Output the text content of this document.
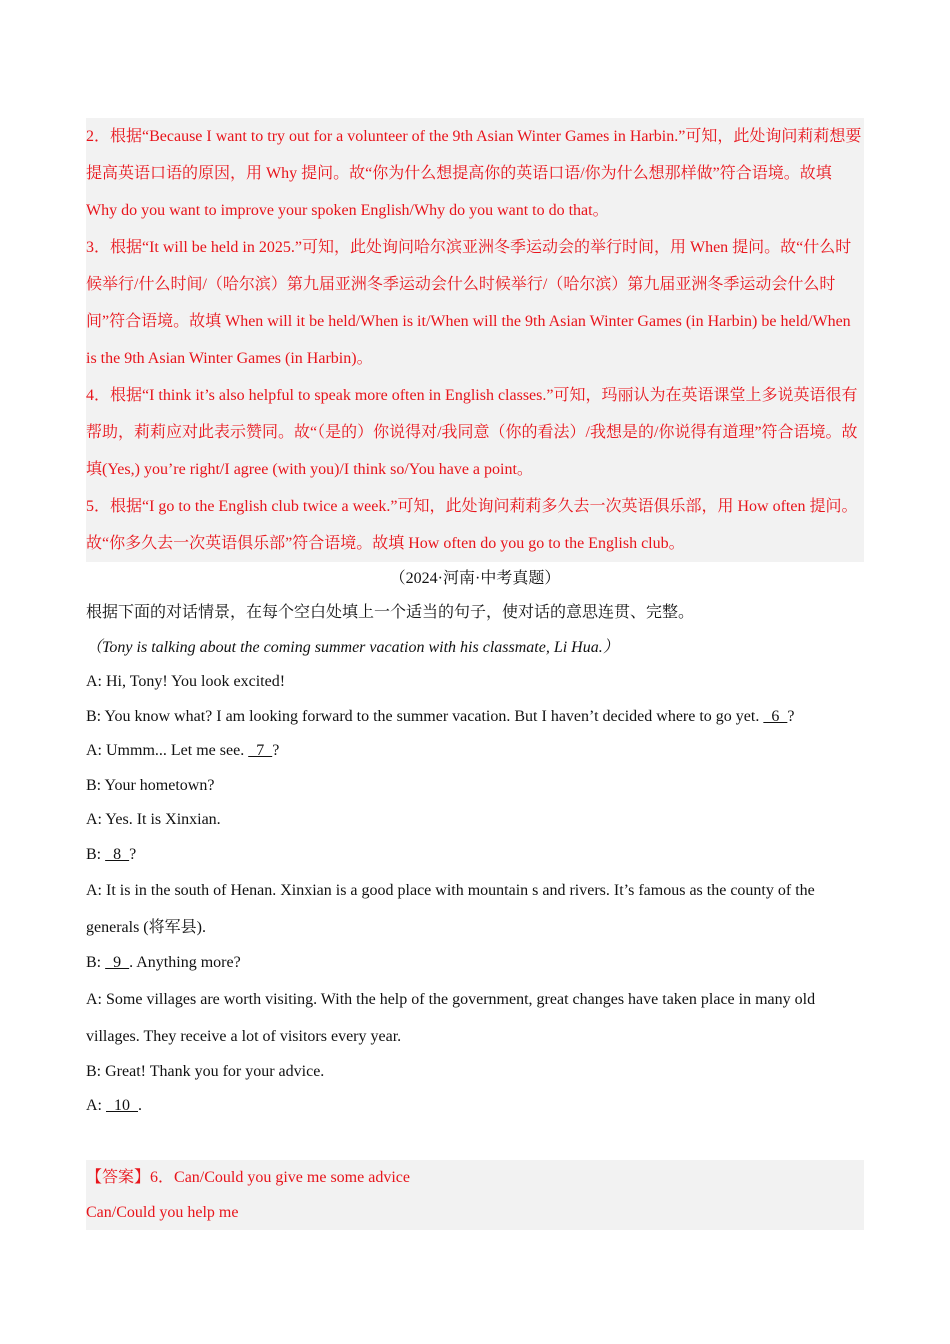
2．根据“Because I want to try out for a volunteer of the 9th Asian Winter Games in Harbin.”可知，此处询问莉莉想要提高英语口语的原因，用 Why 提问。故“你为什么想提高你的英语口语/你为什么想那样做”符合语境。故填 Why do you want to improve your spoken English/Why do you want to do that。

3．根据“It will be held in 2025.”可知，此处询问哈尔滨亚洲冬季运动会的举行时间，用 When 提问。故“什么时候举行/什么时间/（哈尔滨）第九届亚洲冬季运动会什么时候举行/（哈尔滨）第九届亚洲冬季运动会什么时间”符合语境。故填 When will it be held/When is it/When will the 9th Asian Winter Games (in Harbin) be held/When is the 9th Asian Winter Games (in Harbin)。

4．根据“I think it’s also helpful to speak more often in English classes.”可知，玛丽认为在英语课堂上多说英语很有帮助，莉莉应对此表示赞同。故“（是的）你说得对/我同意（你的看法）/我想是的/你说得有道理”符合语境。故填(Yes,) you’re right/I agree (with you)/I think so/You have a point。

5．根据“I go to the English club twice a week.”可知，此处询问莉莉多久去一次英语俱乐部，用 How often 提问。故“你多久去一次英语俱乐部”符合语境。故填 How often do you go to the English club。

（2024·河南·中考真题）

根据下面的对话情景，在每个空白处填上一个适当的句子，使对话的意思连贯、完整。

（Tony is talking about the coming summer vacation with his classmate, Li Hua.）

A: Hi, Tony! You look excited!

B: You know what? I am looking forward to the summer vacation. But I haven’t decided where to go yet.   6  ?

A: Ummm... Let me see.   7  ?

B: Your hometown?

A: Yes. It is Xinxian.

B:   8  ?

A: It is in the south of Henan. Xinxian is a good place with mountain s and rivers. It’s famous as the county of the generals (将军县).

B:   9  . Anything more?

A: Some villages are worth visiting. With the help of the government, great changes have taken place in many old villages. They receive a lot of visitors every year.

B: Great! Thank you for your advice.

A:   10  .

【答案】6．Can/Could you give me some advice

Can/Could you help me
